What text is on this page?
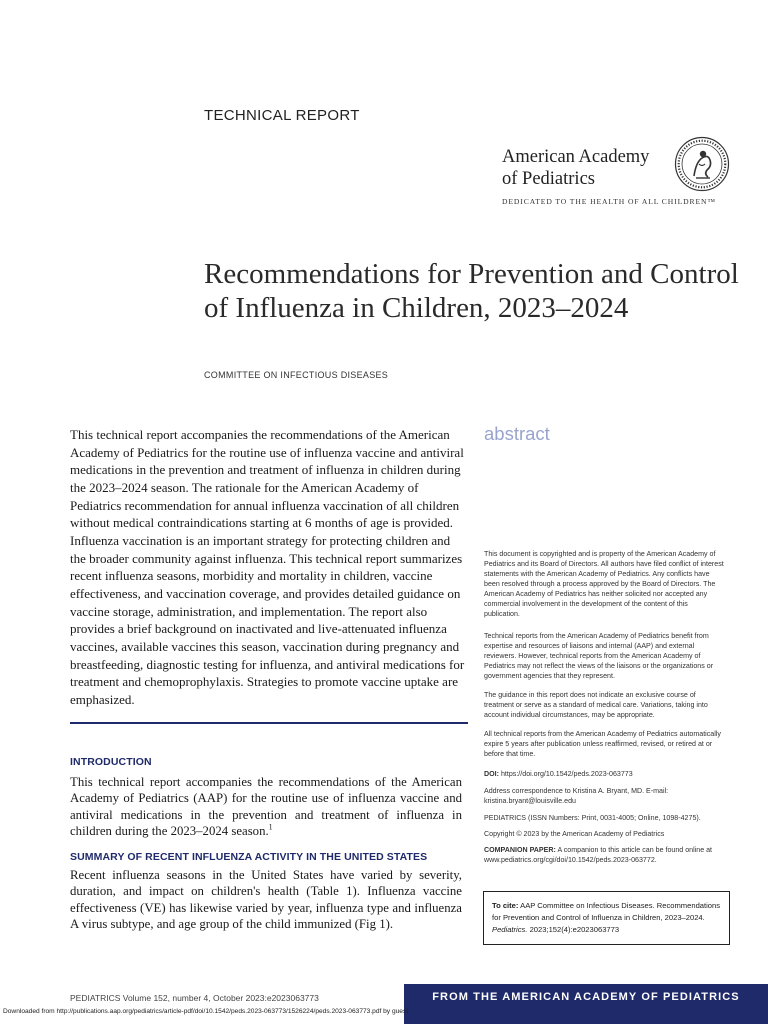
TECHNICAL REPORT
American Academy
of Pediatrics
DEDICATED TO THE HEALTH OF ALL CHILDREN™
Recommendations for Prevention and Control of Influenza in Children, 2023–2024
COMMITTEE ON INFECTIOUS DISEASES
abstract
This technical report accompanies the recommendations of the American Academy of Pediatrics for the routine use of influenza vaccine and antiviral medications in the prevention and treatment of influenza in children during the 2023–2024 season. The rationale for the American Academy of Pediatrics recommendation for annual influenza vaccination of all children without medical contraindications starting at 6 months of age is provided. Influenza vaccination is an important strategy for protecting children and the broader community against influenza. This technical report summarizes recent influenza seasons, morbidity and mortality in children, vaccine effectiveness, and vaccination coverage, and provides detailed guidance on vaccine storage, administration, and implementation. The report also provides a brief background on inactivated and live-attenuated influenza vaccines, available vaccines this season, vaccination during pregnancy and breastfeeding, diagnostic testing for influenza, and antiviral medications for treatment and chemoprophylaxis. Strategies to promote vaccine uptake are emphasized.
INTRODUCTION
This technical report accompanies the recommendations of the American Academy of Pediatrics (AAP) for the routine use of influenza vaccine and antiviral medications in the prevention and treatment of influenza in children during the 2023–2024 season.$^1$
SUMMARY OF RECENT INFLUENZA ACTIVITY IN THE UNITED STATES
Recent influenza seasons in the United States have varied by severity, duration, and impact on children's health (Table 1). Influenza vaccine effectiveness (VE) has likewise varied by year, influenza type and influenza A virus subtype, and age group of the child immunized (Fig 1).
This document is copyrighted and is property of the American Academy of Pediatrics and its Board of Directors. All authors have filed conflict of interest statements with the American Academy of Pediatrics. Any conflicts have been resolved through a process approved by the Board of Directors. The American Academy of Pediatrics has neither solicited nor accepted any commercial involvement in the development of the content of this publication.
Technical reports from the American Academy of Pediatrics benefit from expertise and resources of liaisons and internal (AAP) and external reviewers. However, technical reports from the American Academy of Pediatrics may not reflect the views of the liaisons or the organizations or government agencies that they represent.
The guidance in this report does not indicate an exclusive course of treatment or serve as a standard of medical care. Variations, taking into account individual circumstances, may be appropriate.
All technical reports from the American Academy of Pediatrics automatically expire 5 years after publication unless reaffirmed, revised, or retired at or before that time.
DOI: https://doi.org/10.1542/peds.2023-063773
Address correspondence to Kristina A. Bryant, MD. E-mail: kristina.bryant@louisville.edu
PEDIATRICS (ISSN Numbers: Print, 0031-4005; Online, 1098-4275).
Copyright © 2023 by the American Academy of Pediatrics
COMPANION PAPER: A companion to this article can be found online at www.pediatrics.org/cgi/doi/10.1542/peds.2023-063772.
To cite: AAP Committee on Infectious Diseases. Recommendations for Prevention and Control of Influenza in Children, 2023–2024. Pediatrics. 2023;152(4):e2023063773
PEDIATRICS Volume 152, number 4, October 2023:e2023063773	FROM THE AMERICAN ACADEMY OF PEDIATRICS
Downloaded from http://publications.aap.org/pediatrics/article-pdf/doi/10.1542/peds.2023-063773/1526224/peds.2023-063773.pdf by guest
